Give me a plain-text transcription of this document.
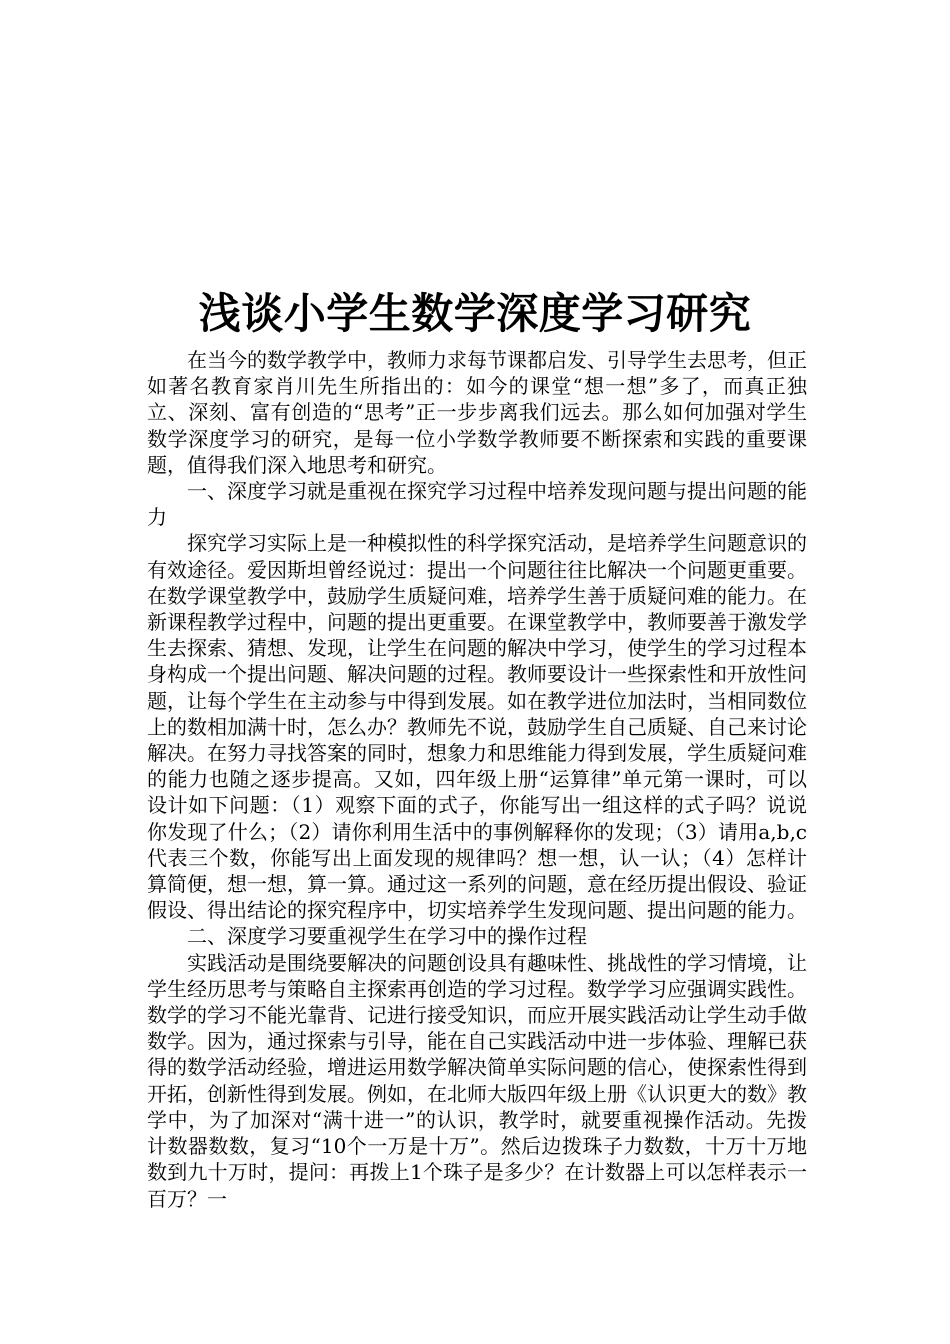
浅谈小学生数学深度学习研究

在当今的数学教学中，教师力求每节课都启发、引导学生去思考，但正如著名教育家肖川先生所指出的：如今的课堂“想一想”多了，而真正独立、深刻、富有创造的“思考”正一步步离我们远去。那么如何加强对学生数学深度学习的研究，是每一位小学数学教师要不断探索和实践的重要课题，值得我们深入地思考和研究。

一、深度学习就是重视在探究学习过程中培养发现问题与提出问题的能力

探究学习实际上是一种模拟性的科学探究活动，是培养学生问题意识的有效途径。爱因斯坦曾经说过：提出一个问题往往比解决一个问题更重要。在数学课堂教学中，鼓励学生质疑问难，培养学生善于质疑问难的能力。在新课程教学过程中，问题的提出更重要。在课堂教学中，教师要善于激发学生去探索、猜想、发现，让学生在问题的解决中学习，使学生的学习过程本身构成一个提出问题、解决问题的过程。教师要设计一些探索性和开放性问题，让每个学生在主动参与中得到发展。如在教学进位加法时，当相同数位上的数相加满十时，怎么办？教师先不说，鼓励学生自己质疑、自己来讨论解决。在努力寻找答案的同时，想象力和思维能力得到发展，学生质疑问难的能力也随之逐步提高。又如，四年级上册“运算律”单元第一课时，可以设计如下问题：（1）观察下面的式子，你能写出一组这样的式子吗？说说你发现了什么；（2）请你利用生活中的事例解释你的发现；（3）请用a,b,c代表三个数，你能写出上面发现的规律吗？想一想，认一认；（4）怎样计算简便，想一想，算一算。通过这一系列的问题，意在经历提出假设、验证假设、得出结论的探究程序中，切实培养学生发现问题、提出问题的能力。

二、深度学习要重视学生在学习中的操作过程

实践活动是围绕要解决的问题创设具有趣味性、挑战性的学习情境，让学生经历思考与策略自主探索再创造的学习过程。数学学习应强调实践性。数学的学习不能光靠背、记进行接受知识，而应开展实践活动让学生动手做数学。因为，通过探索与引导，能在自己实践活动中进一步体验、理解已获得的数学活动经验，增进运用数学解决简单实际问题的信心，使探索性得到开拓，创新性得到发展。例如，在北师大版四年级上册《认识更大的数》教学中，为了加深对“满十进一”的认识，教学时，就要重视操作活动。先拨计数器数数，复习“10个一万是十万”。然后边拨珠子力数数，十万十万地数到九十万时，提问：再拨上1个珠子是多少？在计数器上可以怎样表示一百万？一
